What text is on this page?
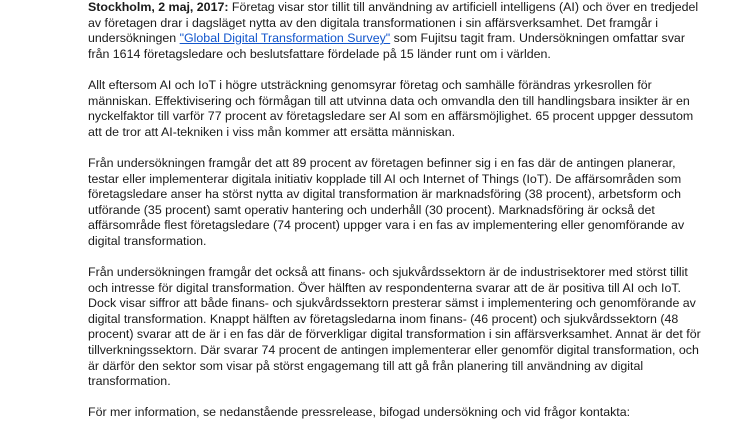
Stockholm, 2 maj, 2017: Företag visar stor tillit till användning av artificiell intelligens (AI) och över en tredjedel
av företagen drar i dagsläget nytta av den digitala transformationen i sin affärsverksamhet. Det framgår i
undersökningen "Global Digital Transformation Survey" som Fujitsu tagit fram. Undersökningen omfattar svar
från 1614 företagsledare och beslutsfattare fördelade på 15 länder runt om i världen.
Allt eftersom AI och IoT i högre utsträckning genomsyrar företag och samhälle förändras yrkesrollen för
människan. Effektivisering och förmågan till att utvinna data och omvandla den till handlingsbara insikter är en
nyckelfaktor till varför 77 procent av företagsledare ser AI som en affärsmöjlighet. 65 procent uppger dessutom
att de tror att AI-tekniken i viss mån kommer att ersätta människan.
Från undersökningen framgår det att 89 procent av företagen befinner sig i en fas där de antingen planerar,
testar eller implementerar digitala initiativ kopplade till AI och Internet of Things (IoT). De affärsområden som
företagsledare anser ha störst nytta av digital transformation är marknadsföring (38 procent), arbetsform och
utförande (35 procent) samt operativ hantering och underhåll (30 procent). Marknadsföring är också det
affärsområde flest företagsledare (74 procent) uppger vara i en fas av implementering eller genomförande av
digital transformation.
Från undersökningen framgår det också att finans- och sjukvårdssektorn är de industrisektorer med störst tillit
och intresse för digital transformation. Över hälften av respondenterna svarar att de är positiva till AI och IoT.
Dock visar siffror att både finans- och sjukvårdssektorn presterar sämst i implementering och genomförande av
digital transformation. Knappt hälften av företagsledarna inom finans- (46 procent) och sjukvårdssektorn (48
procent) svarar att de är i en fas där de förverkligar digital transformation i sin affärsverksamhet. Annat är det för
tillverkningssektorn. Där svarar 74 procent de antingen implementerar eller genomför digital transformation, och
är därför den sektor som visar på störst engagemang till att gå från planering till användning av digital
transformation.
För mer information, se nedanstående pressrelease, bifogad undersökning och vid frågor kontakta:
